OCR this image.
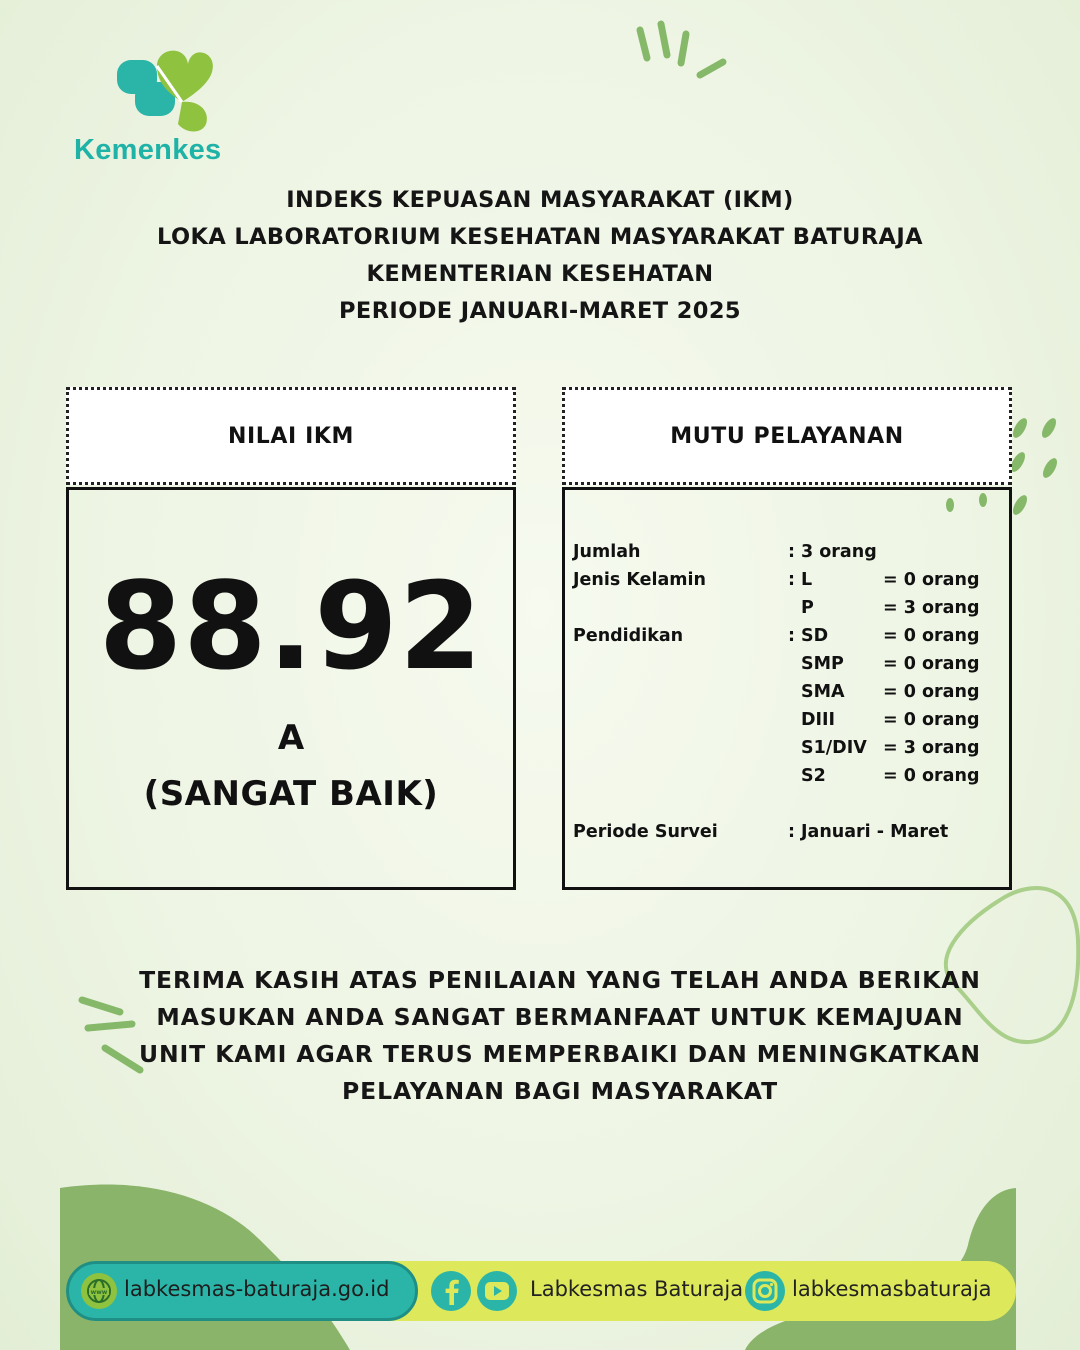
Kemenkes
INDEKS KEPUASAN MASYARAKAT (IKM)
LOKA LABORATORIUM KESEHATAN MASYARAKAT BATURAJA
KEMENTERIAN KESEHATAN
PERIODE JANUARI-MARET 2025
NILAI IKM
88.92
A
(SANGAT BAIK)
MUTU PELAYANAN
Jumlah	: 3 orang
Jenis Kelamin	: L	= 0 orang
P	= 3 orang
Pendidikan	: SD	= 0 orang
SMP = 0 orang
SMA = 0 orang
DIII	= 0 orang
S1/DIV = 3 orang
S2	= 0 orang
Periode Survei	: Januari - Maret
TERIMA KASIH ATAS PENILAIAN YANG TELAH ANDA BERIKAN
MASUKAN ANDA SANGAT BERMANFAAT UNTUK KEMAJUAN
UNIT KAMI AGAR TERUS MEMPERBAIKI DAN MENINGKATKAN
PELAYANAN BAGI MASYARAKAT
www labkesmas-baturaja.go.id	Labkesmas Baturaja labkesmasbaturaja
